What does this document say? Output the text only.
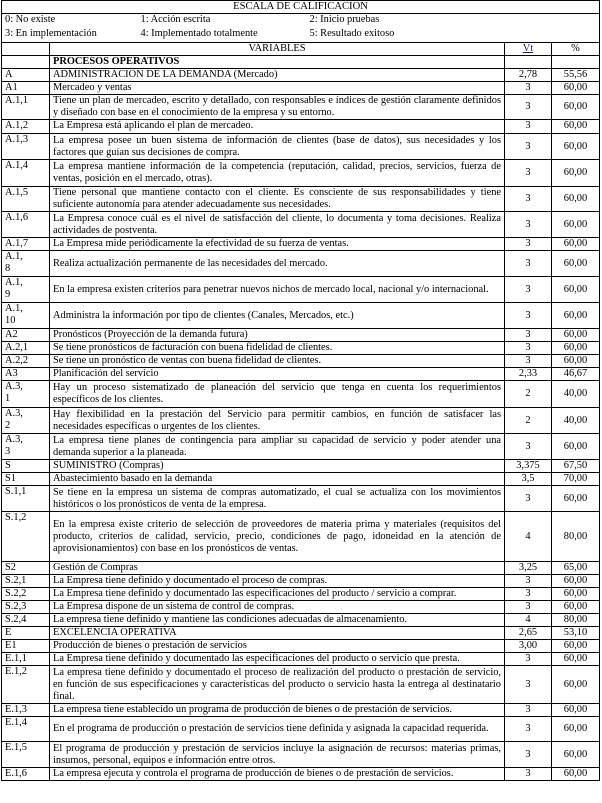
ESCALA DE CALIFICACIÓN
0: No existe	1: Acción escrita	2: Inicio pruebas
3: En implementación	4: Implementado totalmente	5: Resultado exitoso
	VARIABLES	Vt	%
	PROCESOS OPERATIVOS		
A	ADMINISTRACIÓN DE LA DEMANDA (Mercado)	2,78	55,56
A1	Mercadeo y ventas	3	60,00
A.1,1	Tiene un plan de mercadeo, escrito y detallado, con responsables e índices de gestión claramente definidos y diseñado con base en el conocimiento de la empresa y su entorno.	3	60,00
A.1,2	La Empresa está aplicando el plan de mercadeo.	3	60,00
A.1,3	La empresa posee un buen sistema de información de clientes (base de datos), sus necesidades y los factores que guían sus decisiones de compra.	3	60,00
A.1,4	La empresa mantiene información de la competencia (reputación, calidad, precios, servicios, fuerza de ventas, posición en el mercado, otras).	3	60,00
A.1,5	Tiene personal que mantiene contacto con el cliente. Es consciente de sus responsabilidades y tiene suficiente autonomía para atender adecuadamente sus necesidades.	3	60,00
A.1,6	La Empresa conoce cuál es el nivel de satisfacción del cliente, lo documenta y toma decisiones. Realiza actividades de postventa.	3	60,00
A.1,7	La Empresa mide periódicamente la efectividad de su fuerza de ventas.	3	60,00
A.1,
8	Realiza actualización permanente de las necesidades del mercado.	3	60,00
A.1,
9	En la empresa existen criterios para penetrar nuevos nichos de mercado local, nacional y/o internacional.	3	60,00
A.1,
10	Administra la información por tipo de clientes (Canales, Mercados, etc.)	3	60,00
A2	Pronósticos (Proyección de la demanda futura)	3	60,00
A.2,1	Se tiene pronósticos de facturación con buena fidelidad de clientes.	3	60,00
A.2,2	Se tiene un pronóstico de ventas con buena fidelidad de clientes.	3	60,00
A3	Planificación del servicio	2,33	46,67
A.3,
1	Hay un proceso sistematizado de planeación del servicio que tenga en cuenta los requerimientos específicos de los clientes.	2	40,00
A.3,
2	Hay flexibilidad en la prestación del Servicio para permitir cambios, en función de satisfacer las necesidades específicas o urgentes de los clientes.	2	40,00
A.3,
3	La empresa tiene planes de contingencia para ampliar su capacidad de servicio y poder atender una demanda superior a la planeada.	3	60,00
S	SUMINISTRO (Compras)	3,375	67,50
S1	Abastecimiento basado en la demanda	3,5	70,00
S.1,1	Se tiene en la empresa un sistema de compras automatizado, el cual se actualiza con los movimientos históricos o los pronósticos de venta de la empresa.	3	60,00
S.1,2	En la empresa existe criterio de selección de proveedores de materia prima y materiales (requisitos del producto, criterios de calidad, servicio, precio, condiciones de pago, idoneidad en la atención de aprovisionamientos) con base en los pronósticos de ventas.	4	80,00
S2	Gestión de Compras	3,25	65,00
S.2,1	La Empresa tiene definido y documentado el proceso de compras.	3	60,00
S.2,2	La Empresa tiene definido y documentado las especificaciones del producto / servicio a comprar.	3	60,00
S.2,3	La Empresa dispone de un sistema de control de compras.	3	60,00
S.2,4	La empresa tiene definido y mantiene las condiciones adecuadas de almacenamiento.	4	80,00
E	EXCELENCIA OPERATIVA	2,65	53,10
E1	Producción de bienes o prestación de servicios	3,00	60,00
E.1,1	La Empresa tiene definido y documentado las especificaciones del producto o servicio que presta.	3	60,00
E.1,2	La empresa tiene definido y documentado el proceso de realización del producto o prestación de servicio, en función de sus especificaciones y características del producto o servicio hasta la entrega al destinatario final.	3	60,00
E.1,3	La empresa tiene establecido un programa de producción de bienes o de prestación de servicios.	3	60,00
E.1,4	En el programa de producción o prestación de servicios tiene definida y asignada la capacidad requerida.	3	60,00
E.1,5	El programa de producción y prestación de servicios incluye la asignación de recursos: materias primas, insumos, personal, equipos e información entre otros.	3	60,00
E.1,6	La empresa ejecuta y controla el programa de producción de bienes o de prestación de servicios.	3	60,00
